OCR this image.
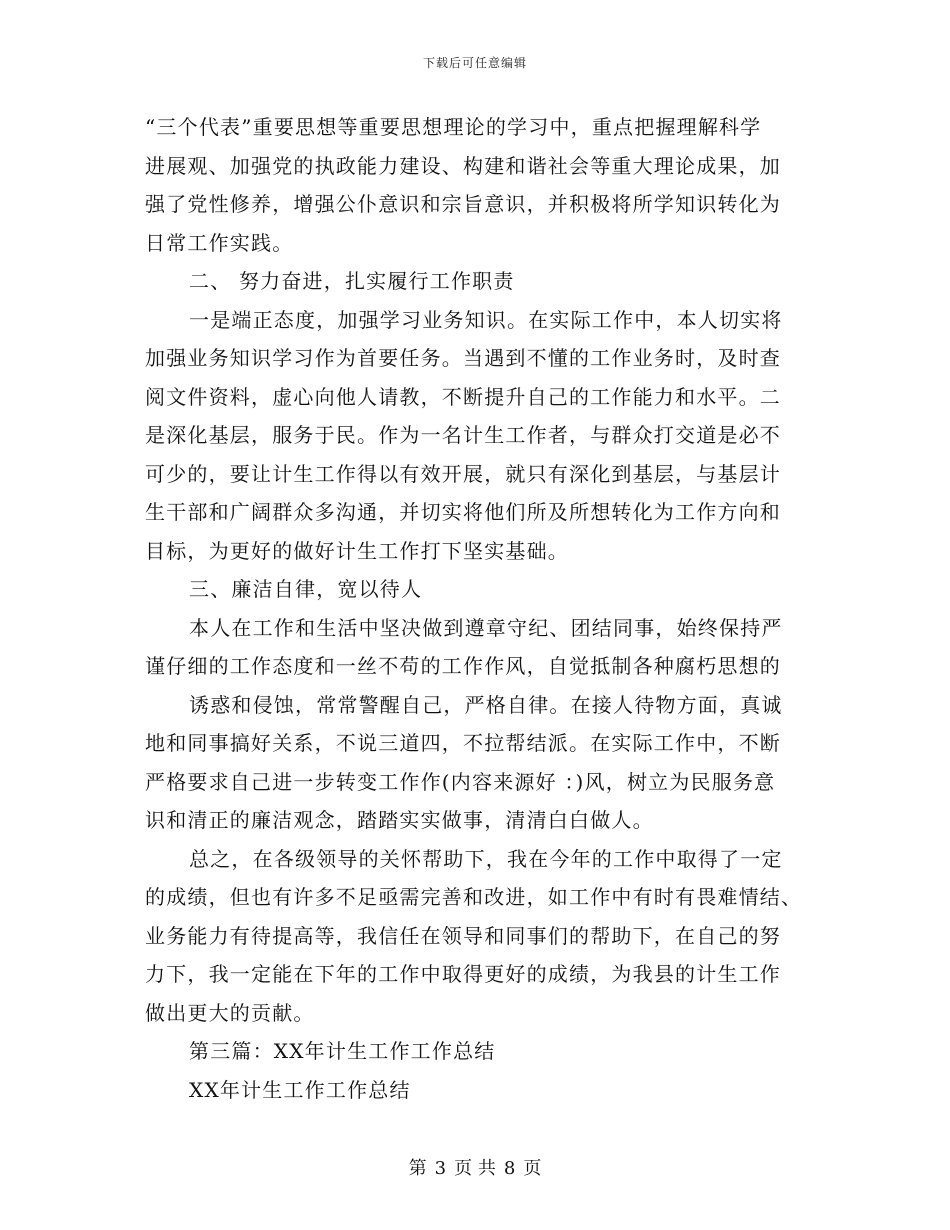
下载后可任意编辑
“三个代表”重要思想等重要思想理论的学习中，重点把握理解科学
进展观、加强党的执政能力建设、构建和谐社会等重大理论成果，加
强了党性修养，增强公仆意识和宗旨意识，并积极将所学知识转化为
日常工作实践。
二、 努力奋进，扎实履行工作职责
一是端正态度，加强学习业务知识。在实际工作中，本人切实将
加强业务知识学习作为首要任务。当遇到不懂的工作业务时，及时查
阅文件资料，虚心向他人请教，不断提升自己的工作能力和水平。二
是深化基层，服务于民。作为一名计生工作者，与群众打交道是必不
可少的，要让计生工作得以有效开展，就只有深化到基层，与基层计
生干部和广阔群众多沟通，并切实将他们所及所想转化为工作方向和
目标，为更好的做好计生工作打下坚实基础。
三、廉洁自律，宽以待人
本人在工作和生活中坚决做到遵章守纪、团结同事，始终保持严
谨仔细的工作态度和一丝不苟的工作作风，自觉抵制各种腐朽思想的
诱惑和侵蚀，常常警醒自己，严格自律。在接人待物方面，真诚
地和同事搞好关系，不说三道四，不拉帮结派。在实际工作中，不断
严格要求自己进一步转变工作作(内容来源好 ：)风，树立为民服务意
识和清正的廉洁观念，踏踏实实做事，清清白白做人。
总之，在各级领导的关怀帮助下，我在今年的工作中取得了一定
的成绩，但也有许多不足亟需完善和改进，如工作中有时有畏难情结、
业务能力有待提高等，我信任在领导和同事们的帮助下，在自己的努
力下，我一定能在下年的工作中取得更好的成绩，为我县的计生工作
做出更大的贡献。
第三篇：XX年计生工作工作总结
XX年计生工作工作总结
第 3 页 共 8 页
